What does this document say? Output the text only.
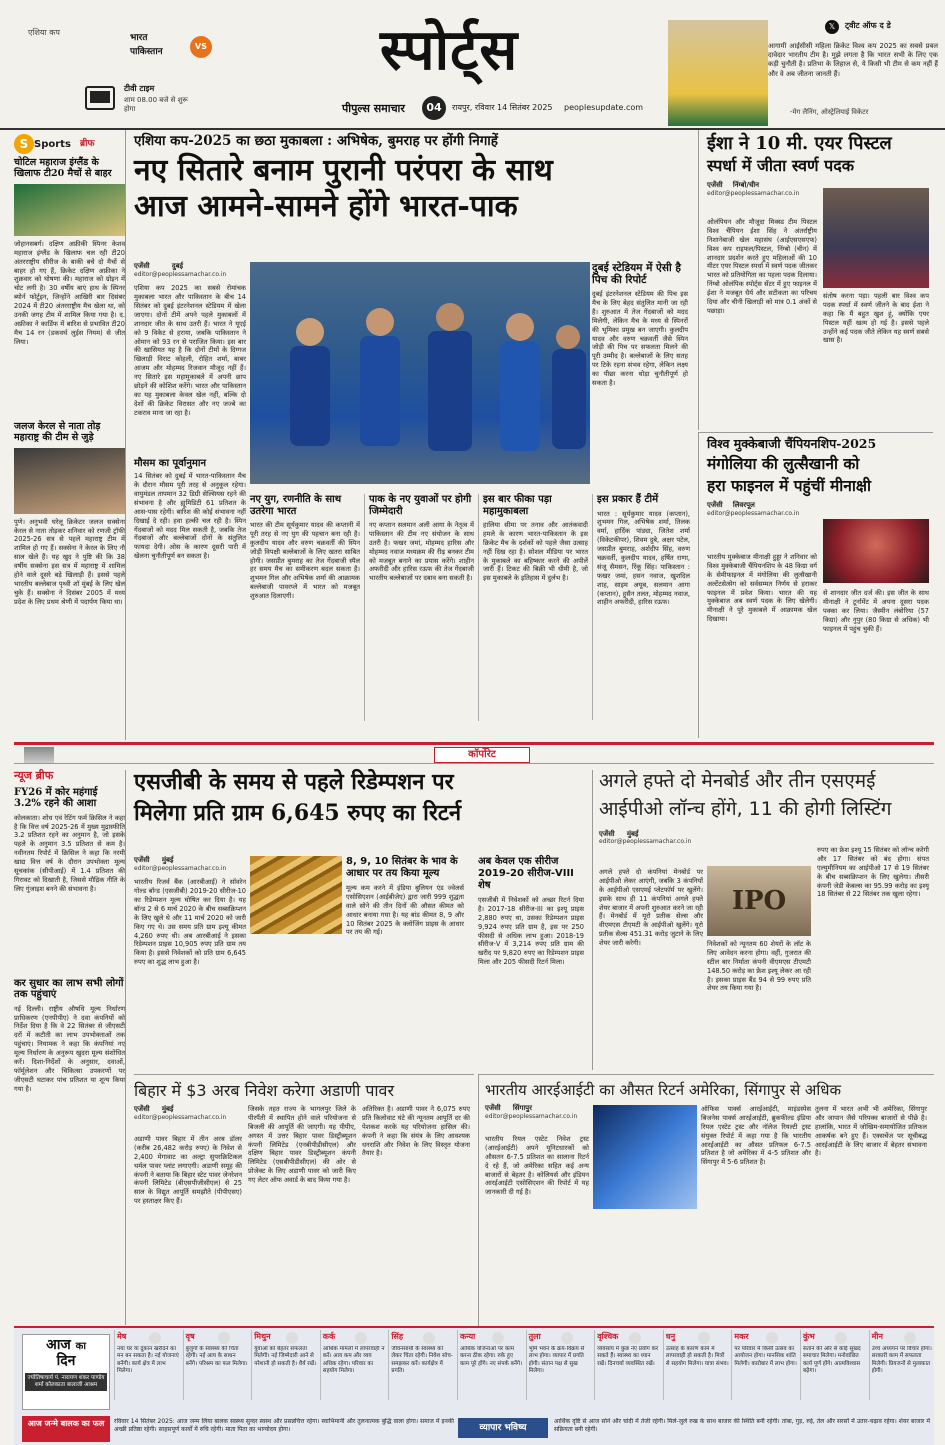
एशिया कप
भारत
पाकिस्तान
VS
टीवी टाइम
शाम 08.00 बजे से शुरू होगा
स्पोर्ट्स
पीपुल्स समाचार	04	रायपुर, रविवार 14 सितंबर 2025 peoplesupdate.com
𝕏	ट्वीट ऑफ द डे
आगामी आईसीसी महिला क्रिकेट विश्व कप 2025 का सबसे प्रबल दावेदार भारतीय टीम है। मुझे लगता है कि भारत सभी के लिए एक कड़ी चुनौती है। प्रतिभा के लिहाज से, ये किसी भी टीम से कम नहीं हैं और वे अब जीतना जानती हैं।
-मेग लैनिंग, ऑस्ट्रेलियाई विकेटर
S Sports ब्रीफ
चोटिल महाराज इंग्लैंड के खिलाफ टी20 मैचों से बाहर
जोहानसबर्ग। दक्षिण अफ्रीकी स्पिनर केशव महाराज इंग्लैंड के खिलाफ चल रही टी20 अंतरराष्ट्रीय सीरीज के बाकी बचे दो मैचों से बाहर हो गए हैं, क्रिकेट दक्षिण अफ्रीका ने शुक्रवार को घोषणा की। महाराज को ग्रोइन में चोट लगी है। 30 वर्षीय बाएं हाथ के स्पिनर ब्योर्न फोर्टुइन, जिन्होंने आखिरी बार दिसंबर 2024 में टी20 अंतरराष्ट्रीय मैच खेला था, को उनकी जगह टीम में शामिल किया गया है। द. अफ्रीका ने कार्डिफ में बारिश से प्रभावित टी20 मैच 14 रन (डकवर्थ लुईस नियम) से जीत लिया।
जलज केरल से नाता तोड़ महाराष्ट्र की टीम से जुड़े
पुणे। अनुभवी घरेलू क्रिकेटर जलज सक्सेना केरल से नाता तोड़कर शनिवार को रणजी ट्रॉफी 2025-26 सत्र से पहले महाराष्ट्र टीम में शामिल हो गए हैं। सक्सेना ने केरल के लिए नौ साल खेले हैं। यह खुद ने पुष्टि की कि 38 वर्षीय सक्सेना इस सत्र में महाराष्ट्र में शामिल होने वाले दूसरे बड़े खिलाड़ी हैं। इससे पहले भारतीय बल्लेबाज पृथ्वी शॉ मुंबई के लिए खेल चुके हैं। सक्सेना ने दिसंबर 2005 में मध्य प्रदेश के लिए प्रथम श्रेणी में पदार्पण किया था।
एशिया कप-2025 का छठा मुकाबला : अभिषेक, बुमराह पर होंगी निगाहें
नए सितारे बनाम पुरानी परंपरा के साथ
आज आमने-सामने होंगे भारत-पाक
एजेंसी	दुबई
editor@peoplessamachar.co.in
एशिया कप 2025 का सबसे रोमांचक मुकाबला भारत और पाकिस्तान के बीच 14 सितंबर को दुबई इंटरनेशनल स्टेडियम में खेला जाएगा। दोनों टीमें अपने पहले मुकाबलों में शानदार जीत के साथ उतरी हैं। भारत ने यूएई को 9 विकेट से हराया, जबकि पाकिस्तान ने ओमान को 93 रन से पराजित किया। इस बार की खासियत यह है कि दोनों टीमों के दिग्गज खिलाड़ी विराट कोहली, रोहित शर्मा, बाबर आजम और मोहम्मद रिजवान मौजूद नहीं हैं। नए सितारे इस महामुकाबले में अपनी छाप छोड़ने की कोशिश करेंगे। भारत और पाकिस्तान का यह मुकाबला केवल खेल नहीं, बल्कि दो देशों की क्रिकेट विरासत और नए जज्बे का टकराव माना जा रहा है।
मौसम का पूर्वानुमान
14 सितंबर को दुबई में भारत-पाकिस्तान मैच के दौरान मौसम पूरी तरह से अनुकूल रहेगा। वायुमंडल तापमान 32 डिग्री सेल्सियस रहने की संभावना है और ह्यूमिडिटी 61 प्रतिशत के आस-पास रहेगी। बारिश की कोई संभावना नहीं दिखाई दे रही। हवा हल्की चल रही है। स्पिन गेंदबाजों को मदद मिल सकती है, जबकि तेज गेंदबाजों और बल्लेबाजों दोनों के संतुलित फायदा देगी। ओस के कारण दूसरी पारी में खेलना चुनौतीपूर्ण बन सकता है।
दुबई स्टेडियम में ऐसी है पिच की रिपोर्ट
दुबई इंटरनेशनल स्टेडियम की पिच इस मैच के लिए बेहद संतुलित मानी जा रही है। शुरुआत में तेज गेंदबाजों को मदद मिलेगी, लेकिन मैच के मध्य से स्पिनरों की भूमिका प्रमुख बन जाएगी। कुलदीप यादव और वरुण चक्रवर्ती जैसे स्पिन जोड़ी की पिच पर सफलता मिलने की पूरी उम्मीद है। बल्लेबाजों के लिए सतह पर टिके रहना संभव रहेगा, लेकिन लक्ष्य का पीछा करना थोड़ा चुनौतीपूर्ण हो सकता है।
नए युग, रणनीति के साथ उतरेगा भारत
भारत की टीम सूर्यकुमार यादव की कप्तानी में पूरी तरह से नए युग की पहचान बना रही है। कुलदीप यादव और वरुण चक्रवर्ती की स्पिन जोड़ी विपक्षी बल्लेबाजों के लिए खतरा साबित होगी। जसप्रीत बुमराह का तेज गेंदबाजी स्पैल हर समय मैच का समीकरण बदल सकता है। शुभमन गिल और अभिषेक शर्मा की आक्रामक बल्लेबाजी पावरप्ले में भारत को मजबूत शुरुआत दिलाएगी।
पाक के नए युवाओं पर होगी जिम्मेदारी
नए कप्तान सलमान अली आगा के नेतृत्व में पाकिस्तान की टीम नए संयोजन के साथ उतरी है। फखर जमां, मोहम्मद हारिस और मोहम्मद नवाज मध्यक्रम की रीढ़ बनकर टीम को मजबूत बनाने का प्रयास करेंगे। शाहीन अफरीदी और हारिस रऊफ की तेज गेंदबाजी भारतीय बल्लेबाजों पर दबाव बना सकती है।
इस बार फीका पड़ा महामुकाबला
हालिया सीमा पर तनाव और आतंकवादी हमले के कारण भारत-पाकिस्तान के इस क्रिकेट मैच के दर्शकों को पहले जैसा उत्साह नहीं दिख रहा है। सोशल मीडिया पर भारत के मुकाबले का बहिष्कार करने की अपीलें जारी हैं। टिकट की बिक्री भी धीमी है, जो इस मुकाबले के इतिहास में दुर्लभ है।
इस प्रकार हैं टीमें
भारत : सूर्यकुमार यादव (कप्तान), शुभमन गिल, अभिषेक शर्मा, तिलक वर्मा, हार्दिक पांड्या, जितेश शर्मा (विकेटकीपर), शिवम दुबे, अक्षर पटेल, जसप्रीत बुमराह, अर्शदीप सिंह, वरुण चक्रवर्ती, कुलदीप यादव, हर्षित राणा, संजू सैमसन, रिंकू सिंह। पाकिस्तान : फखर जमां, हसन नवाज, खुशदिल शाह, साइम अयूब, सलमान आगा (कप्तान), हुसैन तलत, मोहम्मद नवाज, शाहीन अफरीदी, हारिस रऊफ।
ईशा ने 10 मी. एयर पिस्टल
स्पर्धा में जीता स्वर्ण पदक
एजेंसी निंग्बो/चीन
editor@peoplessamachar.co.in
ओलंपियन और मौजूदा मिक्स्ड टीम पिस्टल विश्व चैंपियन ईशा सिंह ने अंतर्राष्ट्रीय निशानेबाजी खेल महासंघ (आईएसएसएफ) विश्व कप राइफल/पिस्टल, निंग्बो (चीन) में शानदार प्रदर्शन करते हुए महिलाओं की 10 मीटर एयर पिस्टल स्पर्धा में स्वर्ण पदक जीतकर भारत को प्रतियोगिता का पहला पदक दिलाया। निंग्बो ओलंपिक स्पोर्ट्स सेंटर में हुए फाइनल में ईशा ने मजबूत धैर्य और सटीकता का परिचय दिया और चीनी खिलाड़ी को मात्र 0.1 अंकों से पछाड़ा।
संतोष करना पड़ा। पहली बार विश्व कप पदक स्पर्धा में स्वर्ण जीतने के बाद ईशा ने कहा कि मैं बहुत खुश हूं, क्योंकि एयर पिस्टल यहीं खत्म हो गई है। इससे पहले उन्होंने कई पदक जीते लेकिन यह स्वर्ण सबसे खास है।
विश्व मुक्केबाजी चैंपियनशिप-2025
मंगोलिया की लुत्सैखानी को
हरा फाइनल में पहुंचीं मीनाक्षी
एजेंसी लिवरपूल
editor@peoplessamachar.co.in
भारतीय मुक्केबाज मीनाक्षी हुड्डा ने शनिवार को विश्व मुक्केबाजी चैंपियनशिप के 48 किग्रा वर्ग के सेमीफाइनल में मंगोलिया की लुत्सैखानी अल्टेंटसेत्सेग को सर्वसम्मत निर्णय से हराकर फाइनल में प्रवेश किया। भारत की यह मुक्केबाज अब स्वर्ण पदक के लिए खेलेगी। मीनाक्षी ने पूरे मुकाबले में आक्रामक खेल दिखाया।
से शानदार जीत दर्ज की। इस जीत के साथ मीनाक्षी ने टूर्नामेंट में अपना दूसरा पदक पक्का कर लिया। जैस्मीन लंबोरिया (57 किग्रा) और नुपुर (80 किग्रा से अधिक) भी फाइनल में पहुंच चुकी हैं।
कॉर्पोरेट
न्यूज ब्रीफ
FY26 में कोर महंगाई 3.2% रहने की आशा
कोलकाता। शोध एवं रेटिंग फर्म क्रिसिल ने कहा है कि वित्त वर्ष 2025-26 में मुख्य मुद्रास्फीति 3.2 प्रतिशत रहने का अनुमान है, जो इसके पहले के अनुमान 3.5 प्रतिशत से कम है। नवीनतम रिपोर्ट में क्रिसिल ने कहा कि नरमी खाद्य वित्त वर्ष के दौरान उपभोक्ता मूल्य सूचकांक (सीपीआई) में 1.4 प्रतिशत की गिरावट को दिखाती है, जिससे मौद्रिक नीति के लिए गुंजाइश बनने की संभावना है।
कर सुधार का लाभ सभी लोगों तक पहुंचाएं
नई दिल्ली। राष्ट्रीय औषधि मूल्य निर्धारण प्राधिकरण (एनपीपीए) ने दवा कंपनियों को निर्देश दिया है कि वे 22 सितंबर से जीएसटी दरों में कटौती का लाभ उपभोक्ताओं तक पहुंचाएं। नियामक ने कहा कि कंपनियां नए मूल्य निर्धारण के अनुरूप खुदरा मूल्य संशोधित करें। दिशा-निर्देशों के अनुसार, दवाओं, फॉर्मूलेशन और चिकित्सा उपकरणों पर जीएसटी घटाकर पांच प्रतिशत या शून्य किया गया है।
एसजीबी के समय से पहले रिडेम्पशन पर
मिलेगा प्रति ग्राम 6,645 रुपए का रिटर्न
एजेंसी मुंबई
editor@peoplessamachar.co.in
भारतीय रिजर्व बैंक (आरबीआई) ने सॉवरेन गोल्ड बॉन्ड (एसजीबी) 2019-20 सीरीज-10 का रिडेम्पशन मूल्य घोषित कर दिया है। यह बॉन्ड 2 से 6 मार्च 2020 के बीच सब्सक्रिप्शन के लिए खुले थे और 11 मार्च 2020 को जारी किए गए थे। उस समय प्रति ग्राम इश्यू कीमत 4,260 रुपए थी। अब आरबीआई ने इसका रिडेम्पशन प्राइस 10,905 रुपए प्रति ग्राम तय किया है। इससे निवेशकों को प्रति ग्राम 6,645 रुपए का शुद्ध लाभ हुआ है।
8, 9, 10 सितंबर के भाव के आधार पर तय किया मूल्य
मूल्य कम करने में इंडिया बुलियन एंड ज्वेलर्स एसोसिएशन (आईबीजेए) द्वारा जारी 999 शुद्धता वाले सोने की तीन दिनों की औसत कीमत को आधार बनाया गया है। यह बांड कीमत 8, 9 और 10 सितंबर 2025 के क्लोजिंग प्राइस के आधार पर तय की गई।
अब केवल एक सीरीज 2019-20 सीरीज-VIII शेष
एसजीबी में निवेशकों को अच्छा रिटर्न दिया है। 2017-18 सीरीज-III का इश्यू प्राइस 2,880 रुपए था, उसका रिडेम्पशन प्राइस 9,924 रुपए प्रति ग्राम है, इस पर 250 फीसदी से अधिक लाभ हुआ। 2018-19 सीरीज-V में 3,214 रुपए प्रति ग्राम की खरीद पर 9,820 रुपए का रिडेम्पशन प्राइस मिला और 205 फीसदी रिटर्न मिला।
अगले हफ्ते दो मेनबोर्ड और तीन एसएमई
आईपीओ लॉन्च होंगे, 11 की होगी लिस्टिंग
एजेंसी मुंबई
editor@peoplessamachar.co.in
अगले हफ्ते दो कंपनियां मेनबोर्ड पर आईपीओ लेकर आएंगी, जबकि 3 कंपनियों के आईपीओ एसएमई प्लेटफॉर्म पर खुलेंगे। इसके साथ ही 11 कंपनियां अगले हफ्ते शेयर बाजार में अपनी शुरुआत करने जा रही हैं। मेनबोर्ड में यूरो प्रतीक सेल्स और वीएमएस टीएमटी के आईपीओ खुलेंगे। यूरो प्रतीक सेल्स 451.31 करोड़ जुटाने के लिए शेयर जारी करेगी।
IPO
निवेशकों को न्यूनतम 60 शेयरों के लॉट के लिए आवेदन करना होगा। वहीं, गुजरात की स्टील बार निर्माता कंपनी वीएमएस टीएमटी 148.50 करोड़ का फ्रेश इश्यू लेकर आ रही है। इसका प्राइस बैंड 94 से 99 रुपए प्रति शेयर तय किया गया है।
रुपए का फ्रेश इश्यू 15 सितंबर को लॉन्च करेगी और 17 सितंबर को बंद होगा। संपत एल्युमीनियम का आईपीओ 17 से 19 सितंबर के बीच सब्सक्रिप्शन के लिए खुलेगा। तीसरी कंपनी जेडी केबल्स का 95.99 करोड़ का इश्यू 18 सितंबर से 22 सितंबर तक खुला रहेगा।
बिहार में $3 अरब निवेश करेगा अडाणी पावर
एजेंसी मुंबई
editor@peoplessamachar.co.in
अडाणी पावर बिहार में तीन अरब डॉलर (करीब 26,482 करोड़ रुपए) के निवेश से 2,400 मेगावाट का अल्ट्रा सुपरक्रिटिकल थर्मल पावर प्लांट लगाएगी। अडाणी समूह की कंपनी ने बताया कि बिहार स्टेट पावर जेनरेशन कंपनी लिमिटेड (बीएसपीजीसीएल) से 25 साल के विद्युत आपूर्ति समझौते (पीपीएसए) पर हस्ताक्षर किए हैं।
जिसके तहत राज्य के भागलपुर जिले के पीरपैंती में स्थापित होने वाले परियोजना से बिजली की आपूर्ति की जाएगी। यह पीपीए, अगस्त में उत्तर बिहार पावर डिस्ट्रीब्यूशन कंपनी लिमिटेड (एनबीपीडीसीएल) और दक्षिण बिहार पावर डिस्ट्रीब्यूशन कंपनी लिमिटेड (एसबीपीडीसीएल) की ओर से प्रोजेक्ट के लिए अडाणी पावर को जारी किए गए लेटर ऑफ अवार्ड के बाद किया गया है।
अतिरिक्त है। अडाणी पावर ने 6,075 रुपए प्रति किलोवाट घंटे की न्यूनतम आपूर्ति दर की पेशकश करके यह परियोजना हासिल की। कंपनी ने कहा कि संयंत्र के लिए आवश्यक धनराशि और निवेश के लिए विस्तृत योजना तैयार है।
भारतीय आरईआईटी का औसत रिटर्न अमेरिका, सिंगापुर से अधिक
एजेंसी सिंगापुर
editor@peoplessamachar.co.in
भारतीय रियल एस्टेट निवेश ट्रस्ट (आरईआईटी) अपने यूनिटधारकों को औसतन 6-7.5 प्रतिशत का सालाना रिटर्न दे रहे हैं, जो अमेरिका सहित कई अन्य बाजारों से बेहतर है। कोलियर्स और इंडियन आरईआईटी एसोसिएशन की रिपोर्ट में यह जानकारी दी गई है।
ऑफिस पार्क्स आरईआईटी, माइंडस्पेस बिजनेस पार्क्स आरईआईटी, ब्रुकफील्ड इंडिया रियल एस्टेट ट्रस्ट और नॉलेज रियल्टी ट्रस्ट संयुक्त रिपोर्ट में कहा गया है कि भारतीय आरईआईटी का औसत प्रतिफल 6-7.5 प्रतिशत है जो अमेरिका में 4-5 प्रतिशत और सिंगापुर में 5-6 प्रतिशत है।
तुलना में भारत अभी भी अमेरिका, सिंगापुर और जापान जैसे परिपक्व बाजारों से पीछे है। हालांकि, भारत में जोखिम-समायोजित प्रतिफल आकर्षक बने हुए हैं। एक्सचेंज पर सूचीबद्ध आरईआईटी के लिए बाजार में बेहतर संभावना है।
आज का
दिन
ज्योतिषाचार्य पं. नारायण शंकर पाण्डेय शर्मा कोलकाता बालाजी आश्रम
आज जन्मे बालक का फल	रविवार 14 सितंबर 2025: आज जन्म लिया बालक स्वस्थ्य सुन्दर स्वस्थ और प्रसन्नचित्त रहेगा। स्वाभिमानी और तुलनात्मक बुद्धि वाला होगा। समाज में इनकी अच्छी प्रतिष्ठा रहेगी। साहसपूर्ण कार्यों में रुचि रहेगी। माता पिता का भाग्योदय होगा।	व्यापार भविष्य
आर्थिक दृष्टि से आज सोने और चांदी में तेजी रहेगी। मिले-जुले रुख के साथ बाजार की स्थिति बनी रहेगी। तांबा, गुड़, रुई, तेल और सरसों में उतार-चढ़ाव रहेगा। शेयर बाजार में सक्रियता बनी रहेगी।
मेष
नया घर या दुकान खरीदने का मन बन सकता है। नई योजनाएं बनेंगी। कार्य क्षेत्र में लाभ मिलेगा।
वृष
बुजुर्गों के स्वास्थ्य की चिंता रहेगी। नई आय के साधन बनेंगे। परिश्रम का फल मिलेगा।
मिथुन
युवाओं को बेहतर सफलता मिलेगी। नई जिम्मेदारी आने से परेशानी हो सकती है। धैर्य रखें।
कर्क
आर्थिक मामलों में लापरवाही न करें। आय कम और व्यय अधिक रहेगा। परिवार का सहयोग मिलेगा।
सिंह
जीवनसाथी के स्वास्थ्य को लेकर चिंता रहेगी। निवेश सोच-समझकर करें। कार्यक्षेत्र में प्रगति।
कन्या
आर्थिक योजनाओं पर काम करना ठीक रहेगा। रुके हुए काम पूरे होंगे। नए संपर्क बनेंगे।
तुला
भूमि भवन के क्रय-विक्रय से लाभ होगा। व्यापार में प्रगति होगी। संतान पक्ष से सुख मिलेगा।
वृश्चिक
व्यवसाय में कुछ नए प्रयोग कर सकते हैं। स्वास्थ्य का ध्यान रखें। दिनचर्या व्यवस्थित रखें।
धनु
उत्साह के कारण काम में लापरवाही हो सकती है। मित्रों से सहयोग मिलेगा। यात्रा संभव।
मकर
पर परिवार में किसी उत्सव का आयोजन होगा। मानसिक शांति मिलेगी। कारोबार में लाभ होगा।
कुंभ
संतान की ओर से कोई सुखद समाचार मिलेगा। मनोवांछित कार्य पूर्ण होंगे। आत्मविश्वास बढ़ेगा।
मीन
उच्च अध्ययन पर विचार होगा। सरकारी काम में सफलता मिलेगी। प्रियजनों से मुलाकात होगी।
